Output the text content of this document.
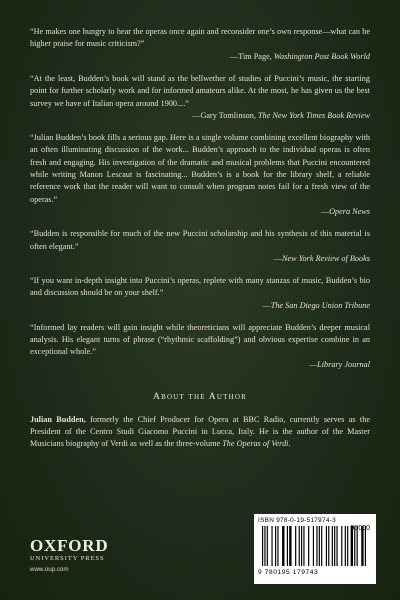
“He makes one hungry to hear the operas once again and reconsider one’s own response—what can be higher praise for music criticism?”
—Tim Page, Washington Post Book World

“At the least, Budden’s book will stand as the bellwether of studies of Puccini’s music, the starting point for further scholarly work and for informed amateurs alike. At the most, he has given us the best survey we have of Italian opera around 1900....”
—Gary Tomlinson, The New York Times Book Review

“Julian Budden’s book fills a serious gap. Here is a single volume combining excellent biography with an often illuminating discussion of the work... Budden’s approach to the individual operas is often fresh and engaging. His investigation of the dramatic and musical problems that Puccini encountered while writing Manon Lescaut is fascinating... Budden’s is a book for the library shelf, a reliable reference work that the reader will want to consult when program notes fail for a fresh view of the operas.”
—Opera News

“Budden is responsible for much of the new Puccini scholarship and his synthesis of this material is often elegant.”
—New York Review of Books

“If you want in-depth insight into Puccini’s operas, replete with many stanzas of music, Budden’s bio and discussion should be on your shelf.”
—The San Diego Union Tribune

“Informed lay readers will gain insight while theoreticians will appreciate Budden’s deeper musical analysis. His elegant turns of phrase (“rhythmic scaffolding”) and obvious expertise combine in an exceptional whole.”
—Library Journal

About the Author

Julian Budden, formerly the Chief Producer for Opera at BBC Radio, currently serves as the President of the Centro Studi Giacomo Puccini in Lucca, Italy. He is the author of the Master Musicians biography of Verdi as well as the three-volume The Operas of Verdi.

OXFORD
UNIVERSITY PRESS
www.oup.com
ISBN 978-0-19-517974-3
90000
9 780195 179743
